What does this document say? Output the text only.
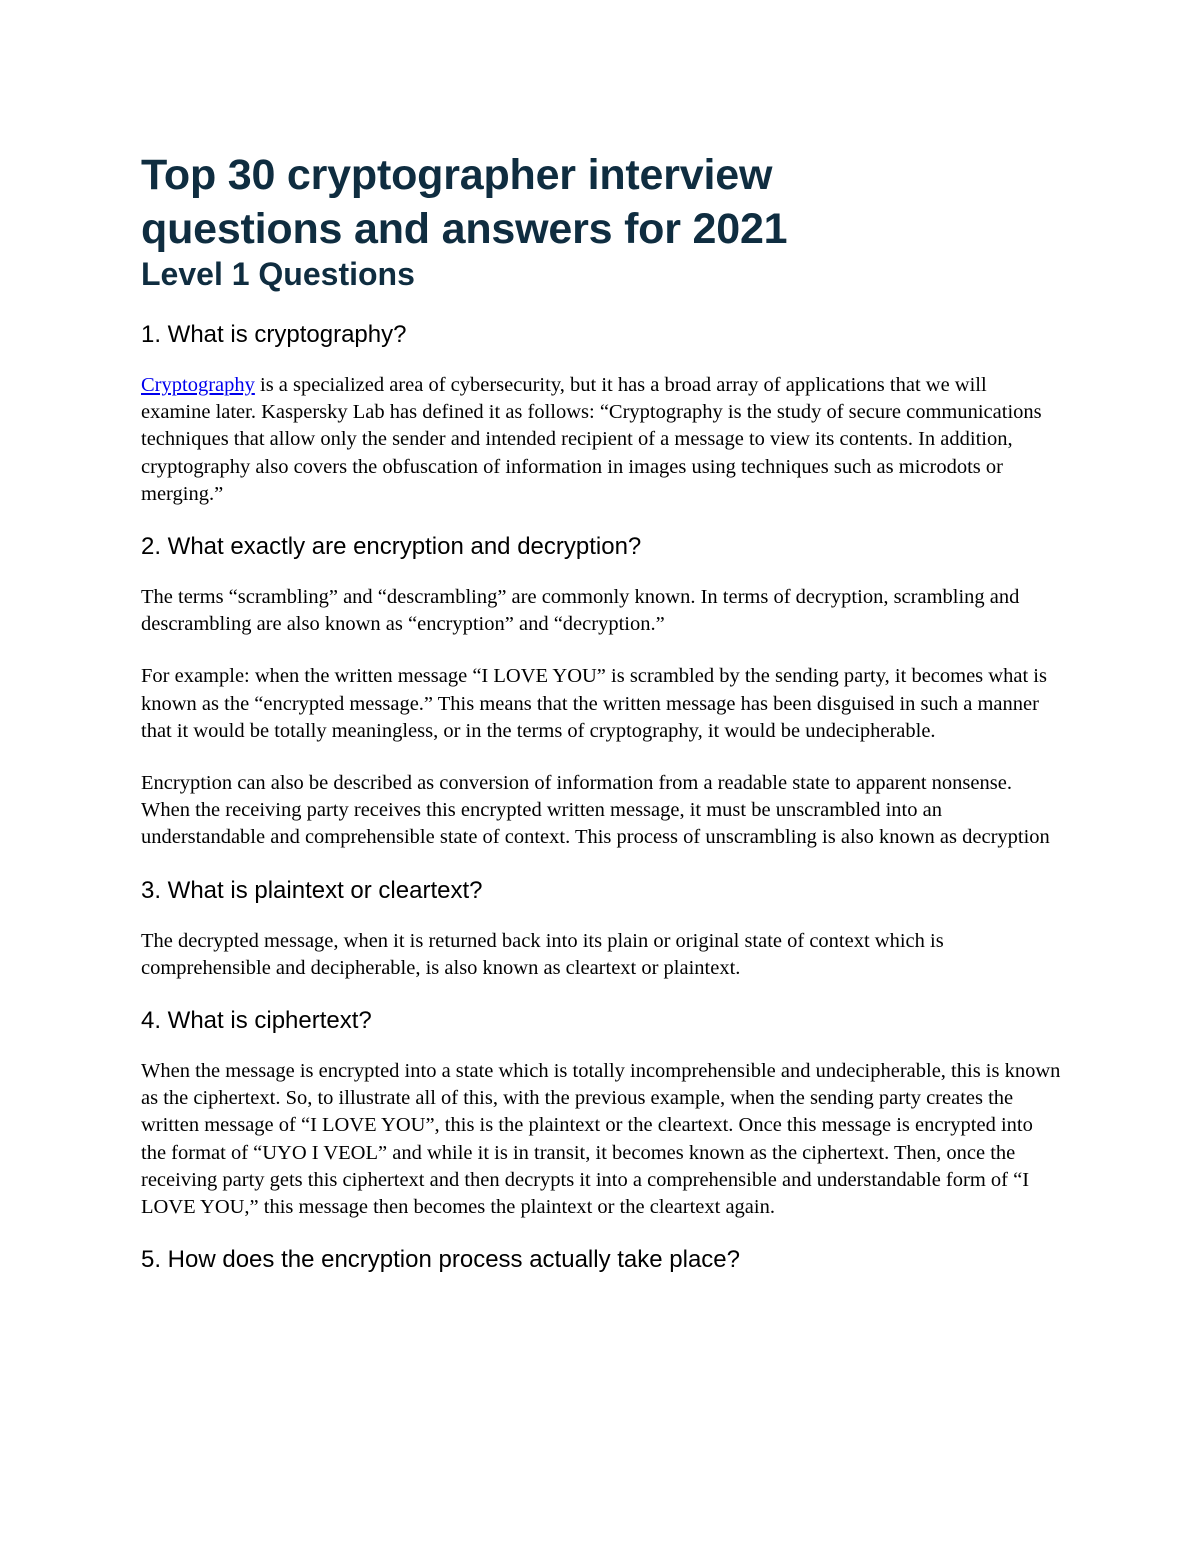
Top 30 cryptographer interview
questions and answers for 2021
Level 1 Questions
1. What is cryptography?

Cryptography is a specialized area of cybersecurity, but it has a broad array of applications that we will examine later. Kaspersky Lab has defined it as follows: “Cryptography is the study of secure communications techniques that allow only the sender and intended recipient of a message to view its contents. In addition, cryptography also covers the obfuscation of information in images using techniques such as microdots or merging.”

2. What exactly are encryption and decryption?

The terms “scrambling” and “descrambling” are commonly known. In terms of decryption, scrambling and descrambling are also known as “encryption” and “decryption.”

For example: when the written message “I LOVE YOU” is scrambled by the sending party, it becomes what is known as the “encrypted message.” This means that the written message has been disguised in such a manner that it would be totally meaningless, or in the terms of cryptography, it would be undecipherable.

Encryption can also be described as conversion of information from a readable state to apparent nonsense. When the receiving party receives this encrypted written message, it must be unscrambled into an understandable and comprehensible state of context. This process of unscrambling is also known as decryption

3. What is plaintext or cleartext?

The decrypted message, when it is returned back into its plain or original state of context which is comprehensible and decipherable, is also known as cleartext or plaintext.

4. What is ciphertext?

When the message is encrypted into a state which is totally incomprehensible and undecipherable, this is known as the ciphertext. So, to illustrate all of this, with the previous example, when the sending party creates the written message of “I LOVE YOU”, this is the plaintext or the cleartext. Once this message is encrypted into the format of “UYO I VEOL” and while it is in transit, it becomes known as the ciphertext. Then, once the receiving party gets this ciphertext and then decrypts it into a comprehensible and understandable form of “I LOVE YOU,” this message then becomes the plaintext or the cleartext again.

5. How does the encryption process actually take place?
